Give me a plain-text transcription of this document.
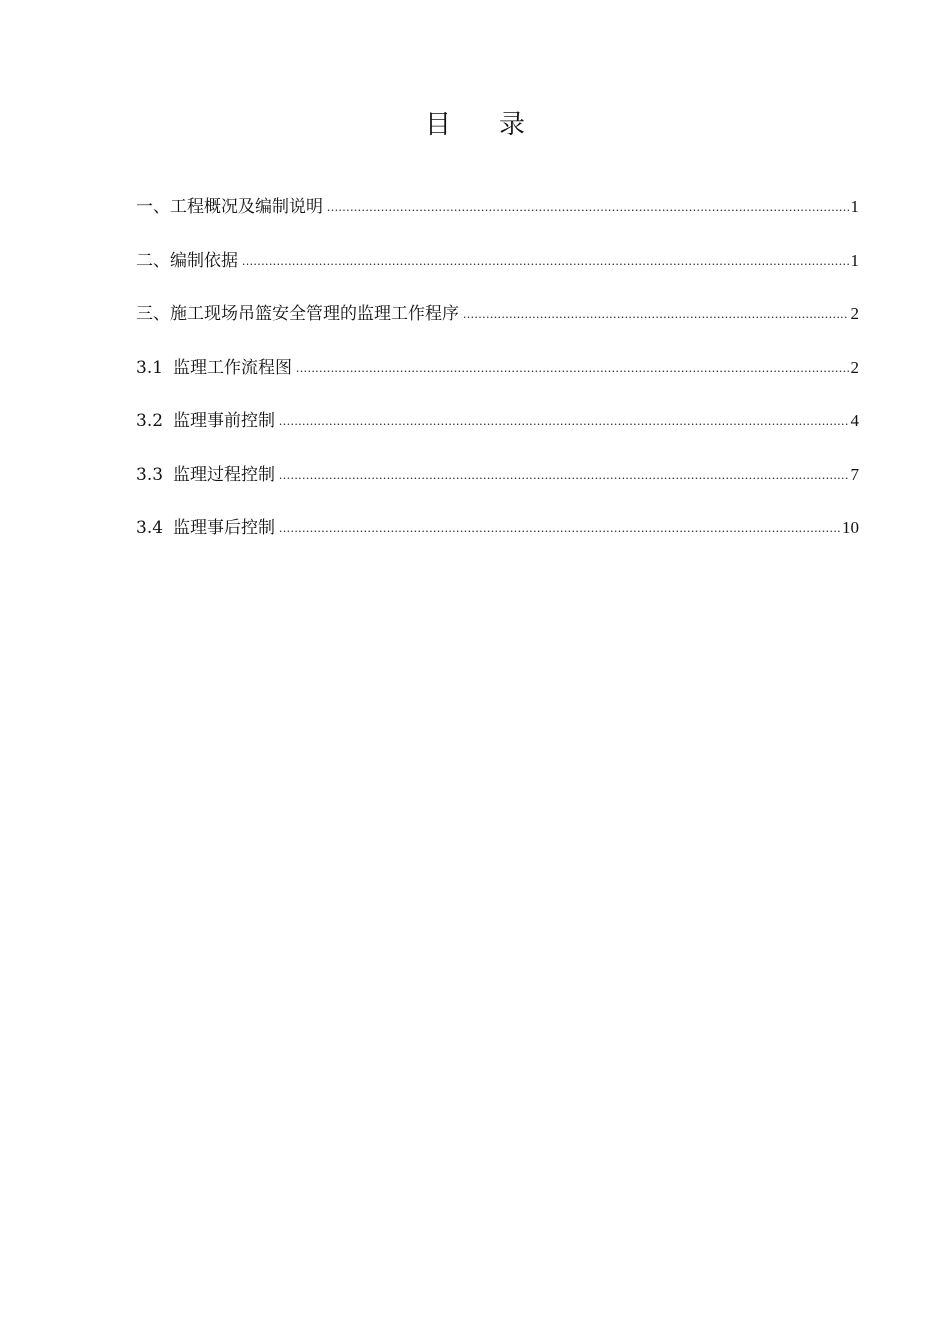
目 录
一、工程概况及编制说明 .....	1
二、编制依据 .....	1
三、施工现场吊篮安全管理的监理工作程序 .....	2
3.1 监理工作流程图 .....	2
3.2 监理事前控制 .....	4
3.3 监理过程控制 .....	7
3.4 监理事后控制 .....	10
